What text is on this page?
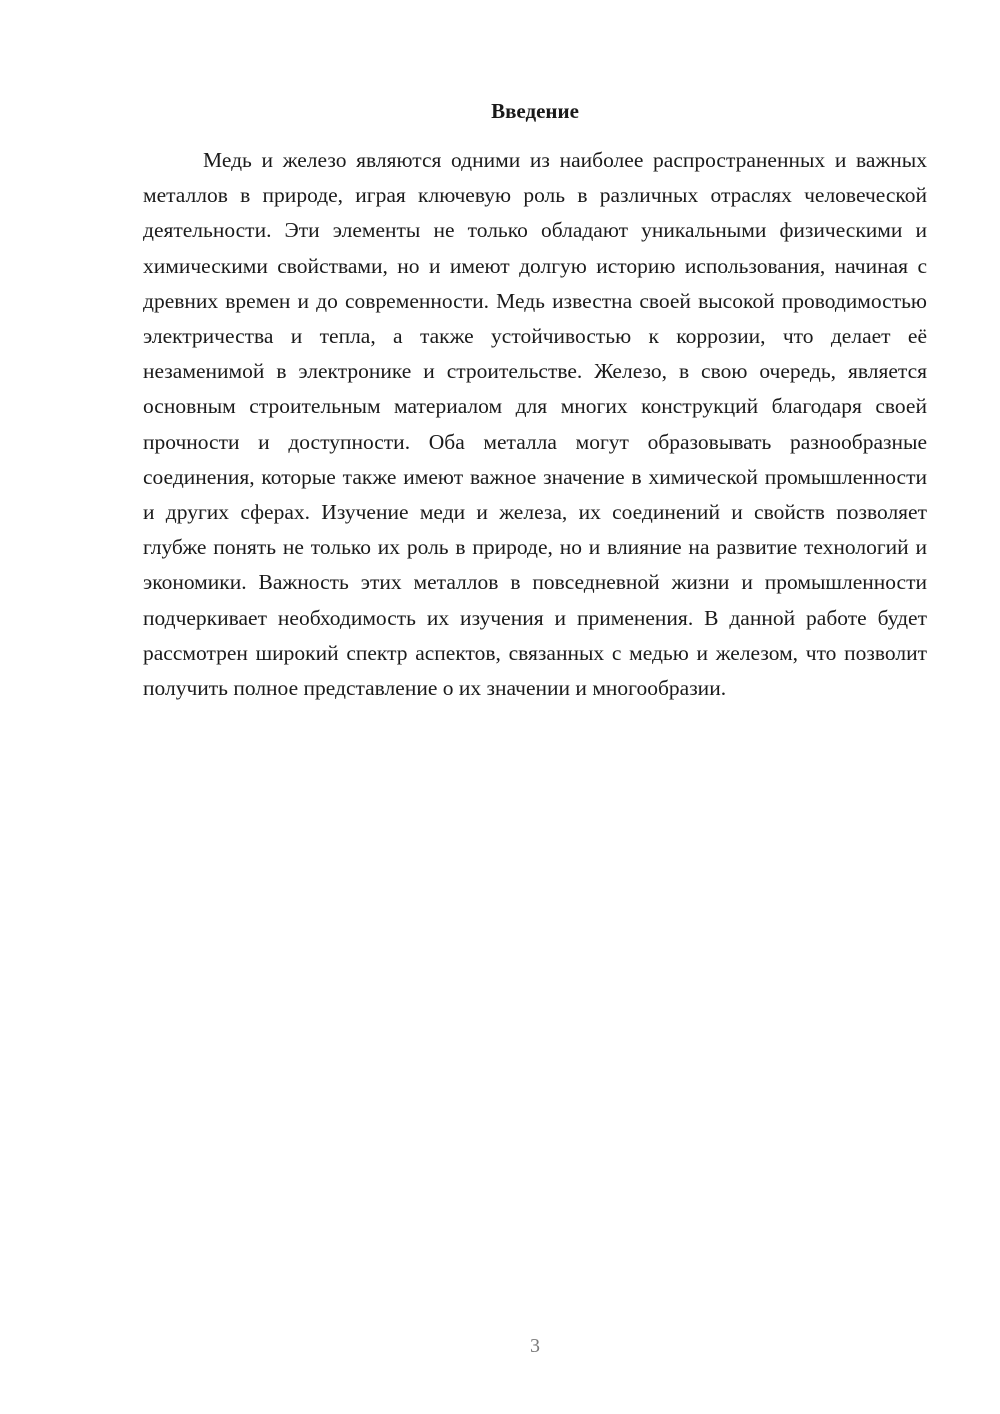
Введение

Медь и железо являются одними из наиболее распространенных и важных металлов в природе, играя ключевую роль в различных отраслях человеческой деятельности. Эти элементы не только обладают уникальными физическими и химическими свойствами, но и имеют долгую историю использования, начиная с древних времен и до современности. Медь известна своей высокой проводимостью электричества и тепла, а также устойчивостью к коррозии, что делает её незаменимой в электронике и строительстве. Железо, в свою очередь, является основным строительным материалом для многих конструкций благодаря своей прочности и доступности. Оба металла могут образовывать разнообразные соединения, которые также имеют важное значение в химической промышленности и других сферах. Изучение меди и железа, их соединений и свойств позволяет глубже понять не только их роль в природе, но и влияние на развитие технологий и экономики. Важность этих металлов в повседневной жизни и промышленности подчеркивает необходимость их изучения и применения. В данной работе будет рассмотрен широкий спектр аспектов, связанных с медью и железом, что позволит получить полное представление о их значении и многообразии.

3
